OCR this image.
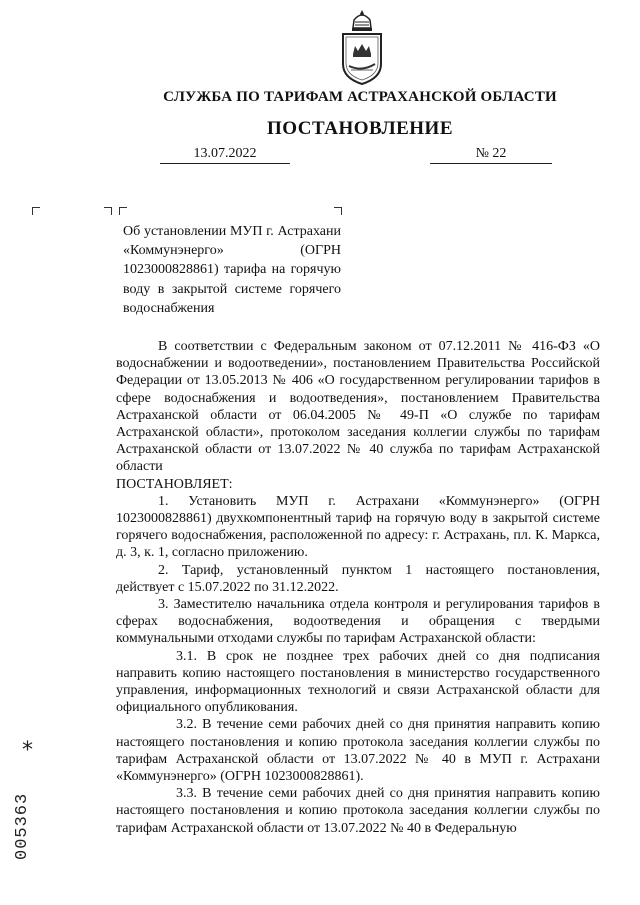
СЛУЖБА ПО ТАРИФАМ АСТРАХАНСКОЙ ОБЛАСТИ
ПОСТАНОВЛЕНИЕ
13.07.2022	№ 22
Об установлении МУП г. Астрахани «Коммунэнерго» (ОГРН 1023000828861) тарифа на горячую воду в закрытой системе горячего водоснабжения

В соответствии с Федеральным законом от 07.12.2011 № 416-ФЗ «О водоснабжении и водоотведении», постановлением Правительства Российской Федерации от 13.05.2013 № 406 «О государственном регулировании тарифов в сфере водоснабжения и водоотведения», постановлением Правительства Астраханской области от 06.04.2005 № 49-П «О службе по тарифам Астраханской области», протоколом заседания коллегии службы по тарифам Астраханской области от 13.07.2022 № 40 служба по тарифам Астраханской области

ПОСТАНОВЛЯЕТ:

1. Установить МУП г. Астрахани «Коммунэнерго» (ОГРН 1023000828861) двухкомпонентный тариф на горячую воду в закрытой системе горячего водоснабжения, расположенной по адресу: г. Астрахань, пл. К. Маркса, д. 3, к. 1, согласно приложению.

2. Тариф, установленный пунктом 1 настоящего постановления, действует с 15.07.2022 по 31.12.2022.

3. Заместителю начальника отдела контроля и регулирования тарифов в сферах водоснабжения, водоотведения и обращения с твердыми коммунальными отходами службы по тарифам Астраханской области:

3.1. В срок не позднее трех рабочих дней со дня подписания направить копию настоящего постановления в министерство государственного управления, информационных технологий и связи Астраханской области для официального опубликования.

3.2. В течение семи рабочих дней со дня принятия направить копию настоящего постановления и копию протокола заседания коллегии службы по тарифам Астраханской области от 13.07.2022 № 40 в МУП г. Астрахани «Коммунэнерго» (ОГРН 1023000828861).

3.3. В течение семи рабочих дней со дня принятия направить копию настоящего постановления и копию протокола заседания коллегии службы по тарифам Астраханской области от 13.07.2022 № 40 в Федеральную

*
005363
